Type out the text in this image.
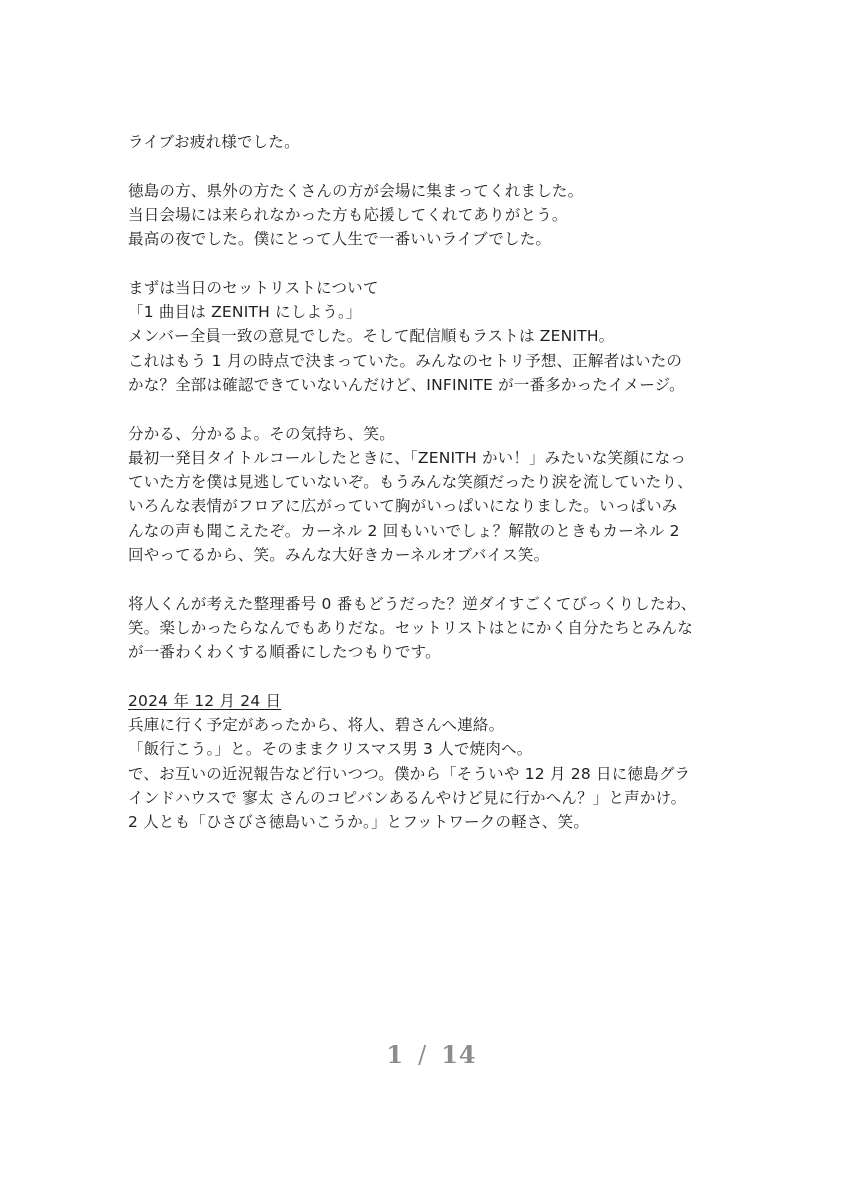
ライブお疲れ様でした。
徳島の方、県外の方たくさんの方が会場に集まってくれました。
当日会場には来られなかった方も応援してくれてありがとう。
最高の夜でした。僕にとって人生で一番いいライブでした。
まずは当日のセットリストについて
「1 曲目は ZENITH にしよう。」
メンバー全員一致の意見でした。そして配信順もラストは ZENITH。
これはもう 1 月の時点で決まっていた。みんなのセトリ予想、正解者はいたの
かな？全部は確認できていないんだけど、INFINITE が一番多かったイメージ。
分かる、分かるよ。その気持ち、笑。
最初一発目タイトルコールしたときに、「ZENITH かい！」みたいな笑顔になっ
ていた方を僕は見逃していないぞ。もうみんな笑顔だったり涙を流していたり、
いろんな表情がフロアに広がっていて胸がいっぱいになりました。いっぱいみ
んなの声も聞こえたぞ。カーネル 2 回もいいでしょ？解散のときもカーネル 2
回やってるから、笑。みんな大好きカーネルオブバイス笑。
将人くんが考えた整理番号 0 番もどうだった？逆ダイすごくてびっくりしたわ、
笑。楽しかったらなんでもありだな。セットリストはとにかく自分たちとみんな
が一番わくわくする順番にしたつもりです。
2024 年 12 月 24 日
兵庫に行く予定があったから、将人、碧さんへ連絡。
「飯行こう。」と。そのままクリスマス男 3 人で焼肉へ。
で、お互いの近況報告など行いつつ。僕から「そういや 12 月 28 日に徳島グラ
インドハウスで 寥太 さんのコピバンあるんやけど見に行かへん？」と声かけ。
2 人とも「ひさびさ徳島いこうか。」とフットワークの軽さ、笑。
1 / 14
